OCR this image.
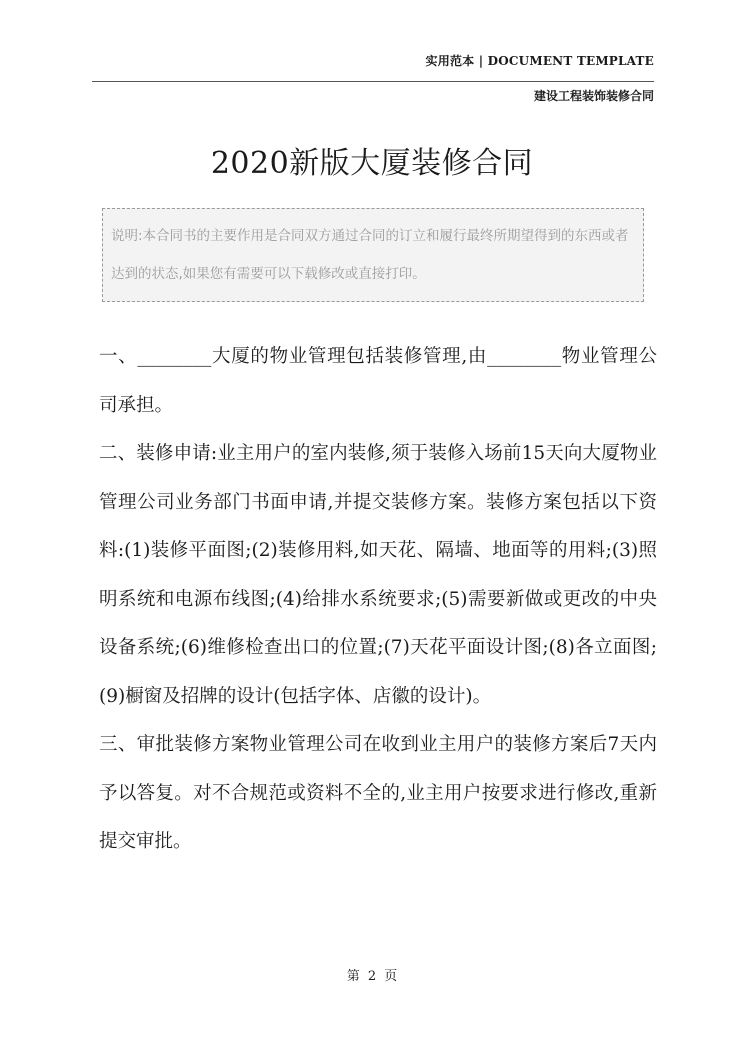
实用范本 | DOCUMENT TEMPLATE
建设工程装饰装修合同
2020新版大厦装修合同
说明:本合同书的主要作用是合同双方通过合同的订立和履行最终所期望得到的东西或者达到的状态,如果您有需要可以下载修改或直接打印。

一、________大厦的物业管理包括装修管理,由________物业管理公司承担。

二、装修申请:业主用户的室内装修,须于装修入场前15天向大厦物业管理公司业务部门书面申请,并提交装修方案。装修方案包括以下资料:(1)装修平面图;(2)装修用料,如天花、隔墙、地面等的用料;(3)照明系统和电源布线图;(4)给排水系统要求;(5)需要新做或更改的中央设备系统;(6)维修检查出口的位置;(7)天花平面设计图;(8)各立面图;(9)橱窗及招牌的设计(包括字体、店徽的设计)。

三、审批装修方案物业管理公司在收到业主用户的装修方案后7天内予以答复。对不合规范或资料不全的,业主用户按要求进行修改,重新提交审批。

第 2 页
